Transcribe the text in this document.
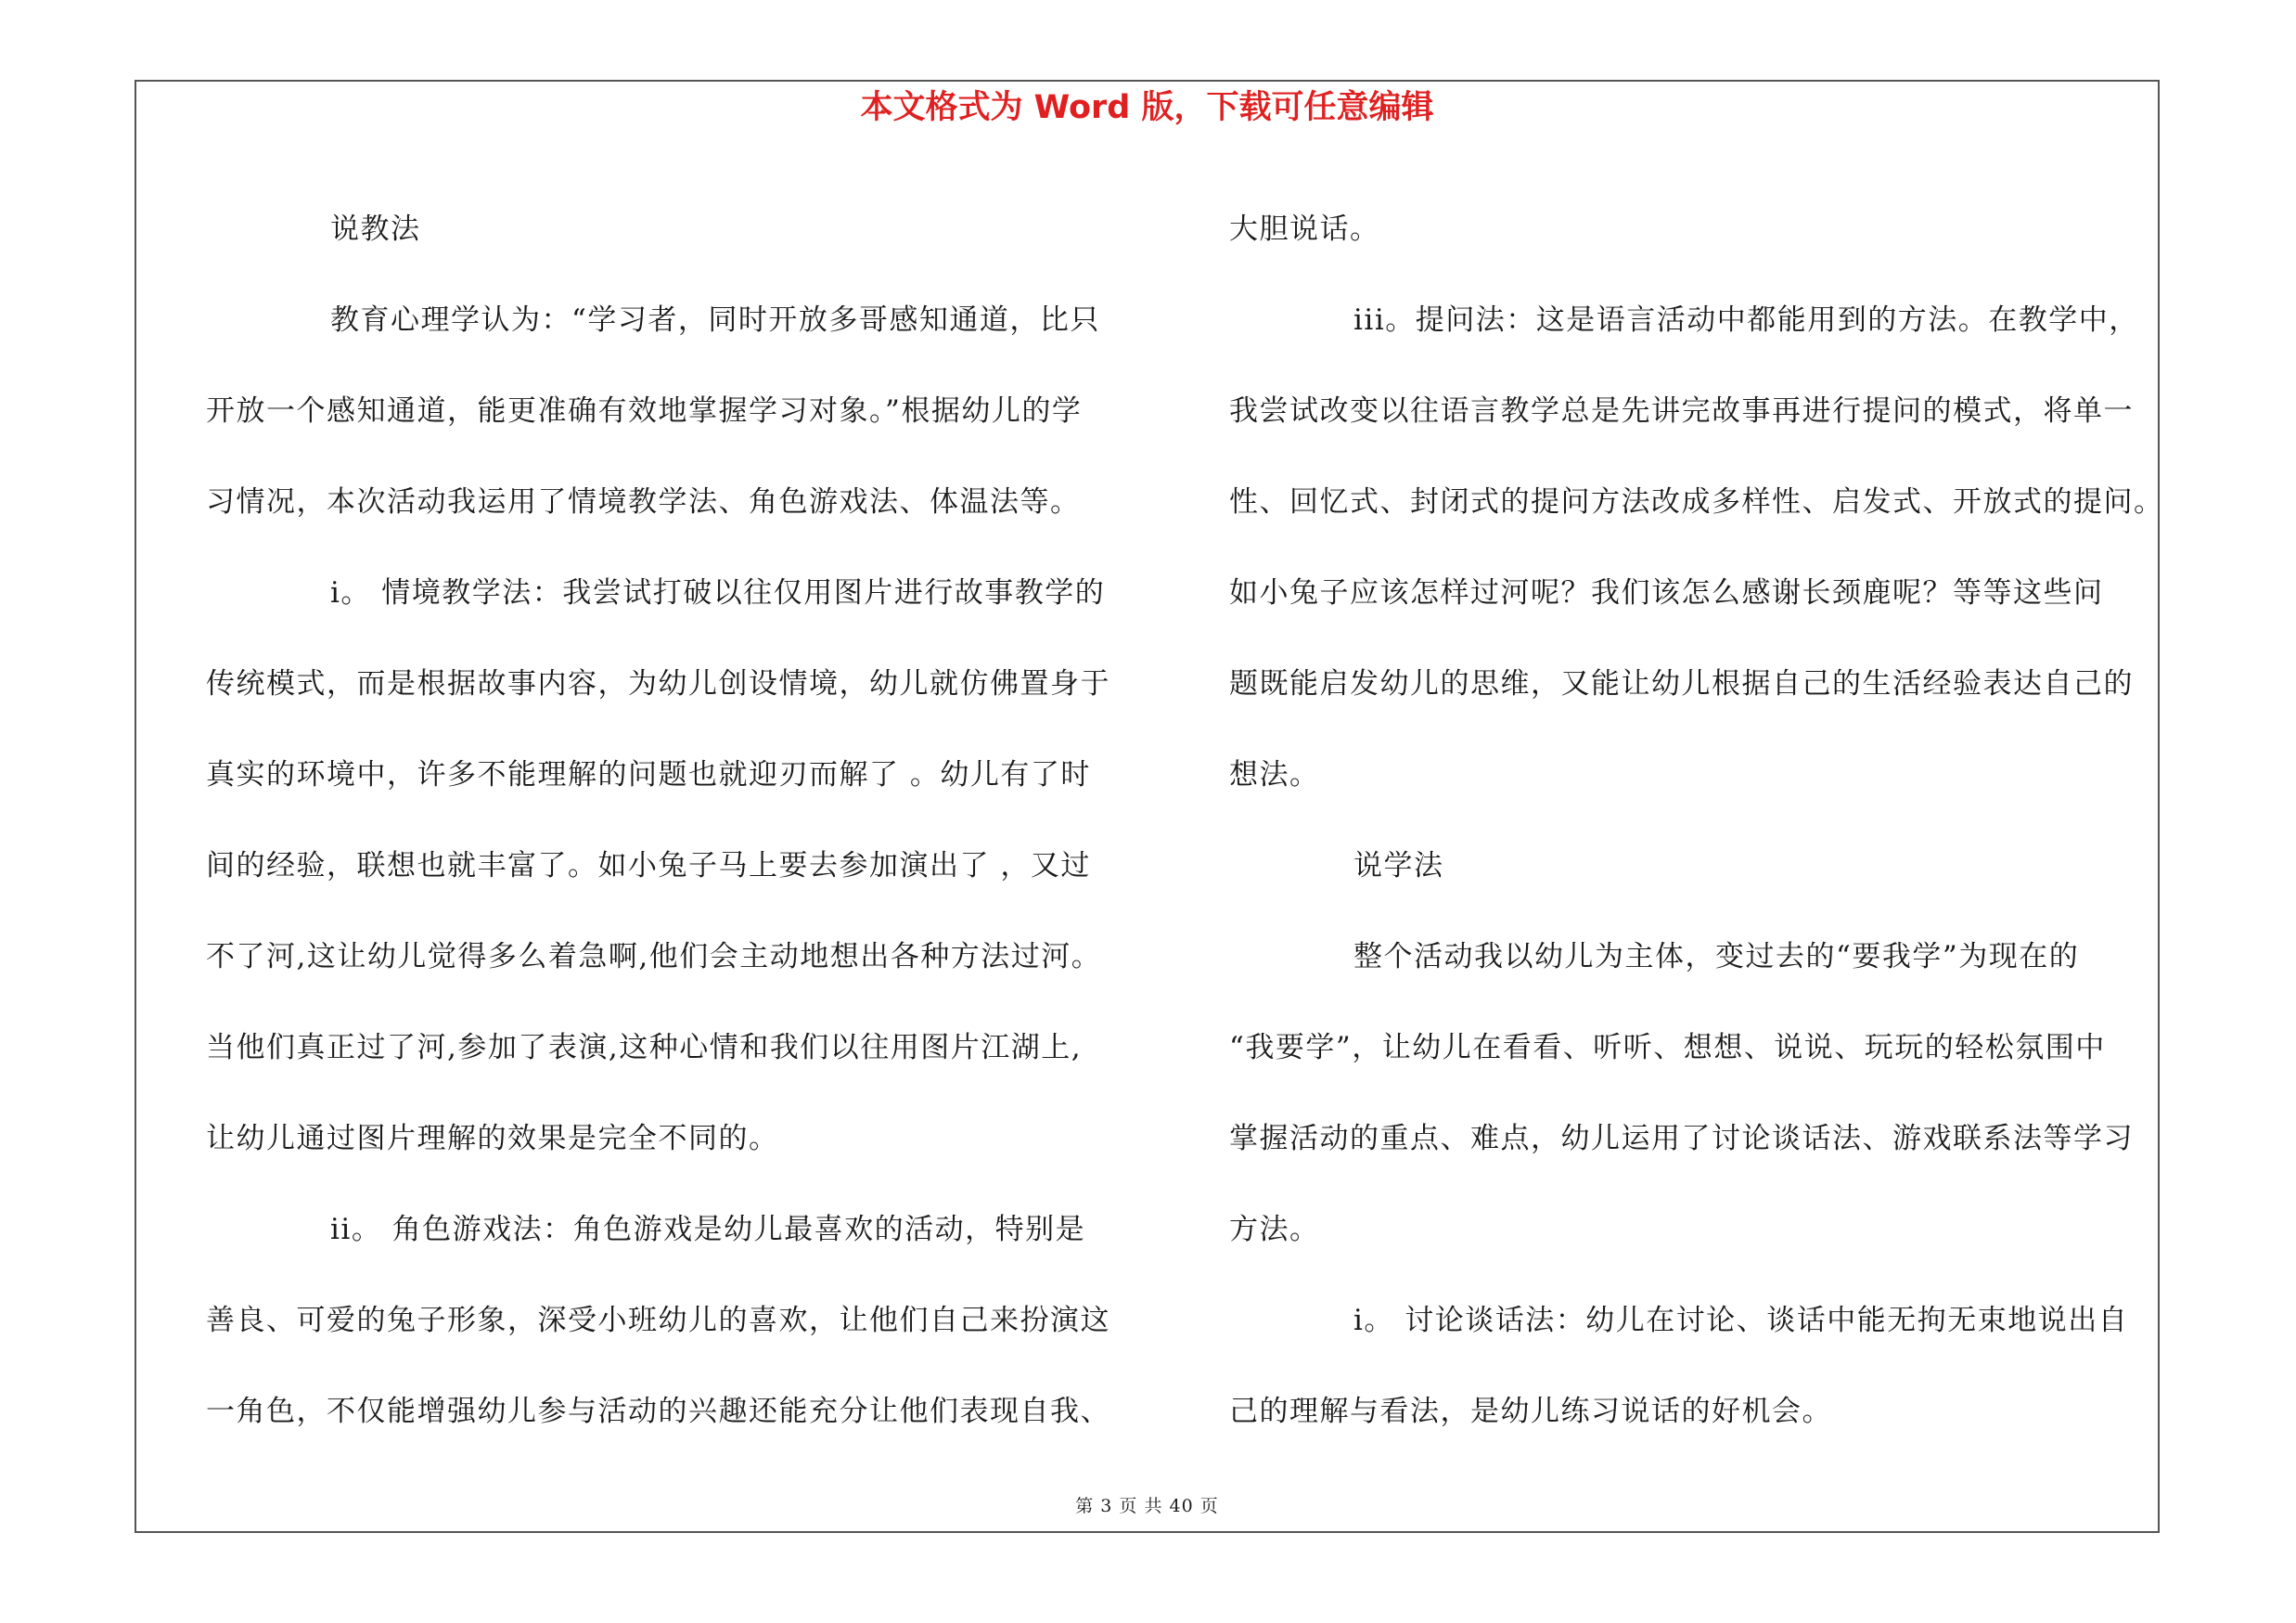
本文格式为 Word 版，下载可任意编辑
说教法
教育心理学认为：“学习者，同时开放多哥感知通道，比只
开放一个感知通道，能更准确有效地掌握学习对象。”根据幼儿的学
习情况，本次活动我运用了情境教学法、角色游戏法、体温法等。
i。 情境教学法：我尝试打破以往仅用图片进行故事教学的
传统模式，而是根据故事内容，为幼儿创设情境，幼儿就仿佛置身于
真实的环境中，许多不能理解的问题也就迎刃而解了 。幼儿有了时
间的经验，联想也就丰富了。如小兔子马上要去参加演出了 ，又过
不了河,这让幼儿觉得多么着急啊,他们会主动地想出各种方法过河。
当他们真正过了河,参加了表演,这种心情和我们以往用图片江湖上,
让幼儿通过图片理解的效果是完全不同的。
ii。 角色游戏法：角色游戏是幼儿最喜欢的活动，特别是
善良、可爱的兔子形象，深受小班幼儿的喜欢，让他们自己来扮演这
一角色，不仅能增强幼儿参与活动的兴趣还能充分让他们表现自我、
大胆说话。
iii。提问法：这是语言活动中都能用到的方法。在教学中，
我尝试改变以往语言教学总是先讲完故事再进行提问的模式，将单一
性、回忆式、封闭式的提问方法改成多样性、启发式、开放式的提问。
如小兔子应该怎样过河呢？我们该怎么感谢长颈鹿呢？等等这些问
题既能启发幼儿的思维，又能让幼儿根据自己的生活经验表达自己的
想法。
说学法
整个活动我以幼儿为主体，变过去的“要我学”为现在的
“我要学”，让幼儿在看看、听听、想想、说说、玩玩的轻松氛围中
掌握活动的重点、难点，幼儿运用了讨论谈话法、游戏联系法等学习
方法。
i。 讨论谈话法：幼儿在讨论、谈话中能无拘无束地说出自
己的理解与看法，是幼儿练习说话的好机会。
第 3 页 共 40 页
